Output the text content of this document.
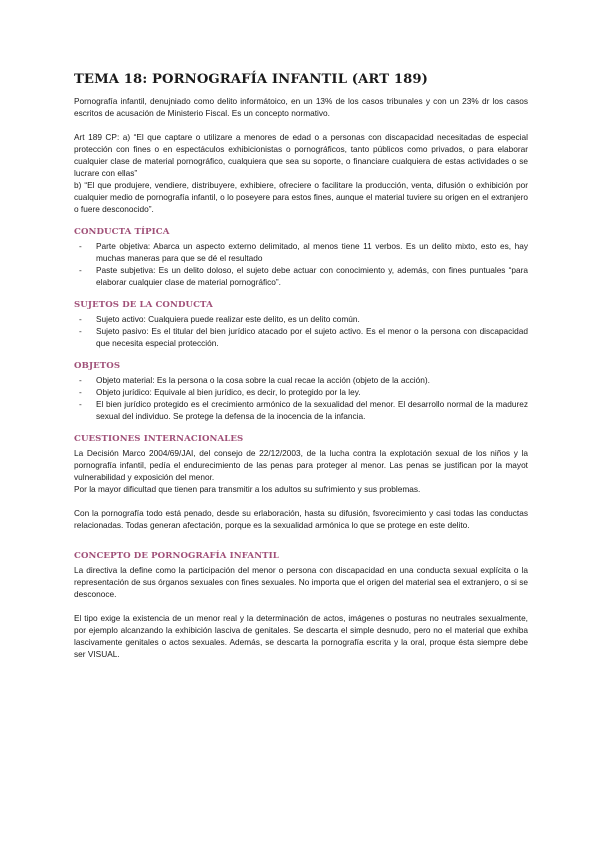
TEMA 18: PORNOGRAFÍA INFANTIL (ART 189)

Pornografía infantil, denujniado como delito informátoico, en un 13% de los casos tribunales y con un 23% dr los casos escritos de acusación de Ministerio Fiscal. Es un concepto normativo.

Art 189 CP: a) “El que captare o utilizare a menores de edad o a personas con discapacidad necesitadas de especial protección con fines o en espectáculos exhibicionistas o pornográficos, tanto públicos como privados, o para elaborar cualquier clase de material pornográfico, cualquiera que sea su soporte, o financiare cualquiera de estas actividades o se lucrare con ellas”

b) “El que produjere, vendiere, distribuyere, exhibiere, ofreciere o facilitare la producción, venta, difusión o exhibición por cualquier medio de pornografía infantil, o lo poseyere para estos fines, aunque el material tuviere su origen en el extranjero o fuere desconocido”.

CONDUCTA TÍPICA
- Parte objetiva: Abarca un aspecto externo delimitado, al menos tiene 11 verbos. Es un delito mixto, esto es, hay muchas maneras para que se dé el resultado
- Paste subjetiva: Es un delito doloso, el sujeto debe actuar con conocimiento y, además, con fines puntuales “para elaborar cualquier clase de material pornográfico”.
SUJETOS DE LA CONDUCTA
- Sujeto activo: Cualquiera puede realizar este delito, es un delito común.
- Sujeto pasivo: Es el titular del bien jurídico atacado por el sujeto activo. Es el menor o la persona con discapacidad que necesita especial protección.
OBJETOS
- Objeto material: Es la persona o la cosa sobre la cual recae la acción (objeto de la acción).
- Objeto jurídico: Equivale al bien jurídico, es decir, lo protegido por la ley.
- El bien jurídico protegido es el crecimiento armónico de la sexualidad del menor. El desarrollo normal de la madurez sexual del individuo. Se protege la defensa de la inocencia de la infancia.
CUESTIONES INTERNACIONALES

La Decisión Marco 2004/69/JAI, del consejo de 22/12/2003, de la lucha contra la explotación sexual de los niños y la pornografía infantil, pedía el endurecimiento de las penas para proteger al menor. Las penas se justifican por la mayot vulnerabilidad y exposición del menor.

Por la mayor dificultad que tienen para transmitir a los adultos su sufrimiento y sus problemas.

Con la pornografía todo está penado, desde su erlaboración, hasta su difusión, fsvorecimiento y casi todas las conductas relacionadas. Todas generan afectación, porque es la sexualidad armónica lo que se protege en este delito.

CONCEPTO DE PORNOGRAFÍA INFANTIL

La directiva la define como la participación del menor o persona con discapacidad en una conducta sexual explícita o la representación de sus órganos sexuales con fines sexuales. No importa que el origen del material sea el extranjero, o si se desconoce.

El tipo exige la existencia de un menor real y la determinación de actos, imágenes o posturas no neutrales sexualmente, por ejemplo alcanzando la exhibición lasciva de genitales. Se descarta el simple desnudo, pero no el material que exhiba lascivamente genitales o actos sexuales. Además, se descarta la pornografía escrita y la oral, proque ésta siempre debe ser VISUAL.
